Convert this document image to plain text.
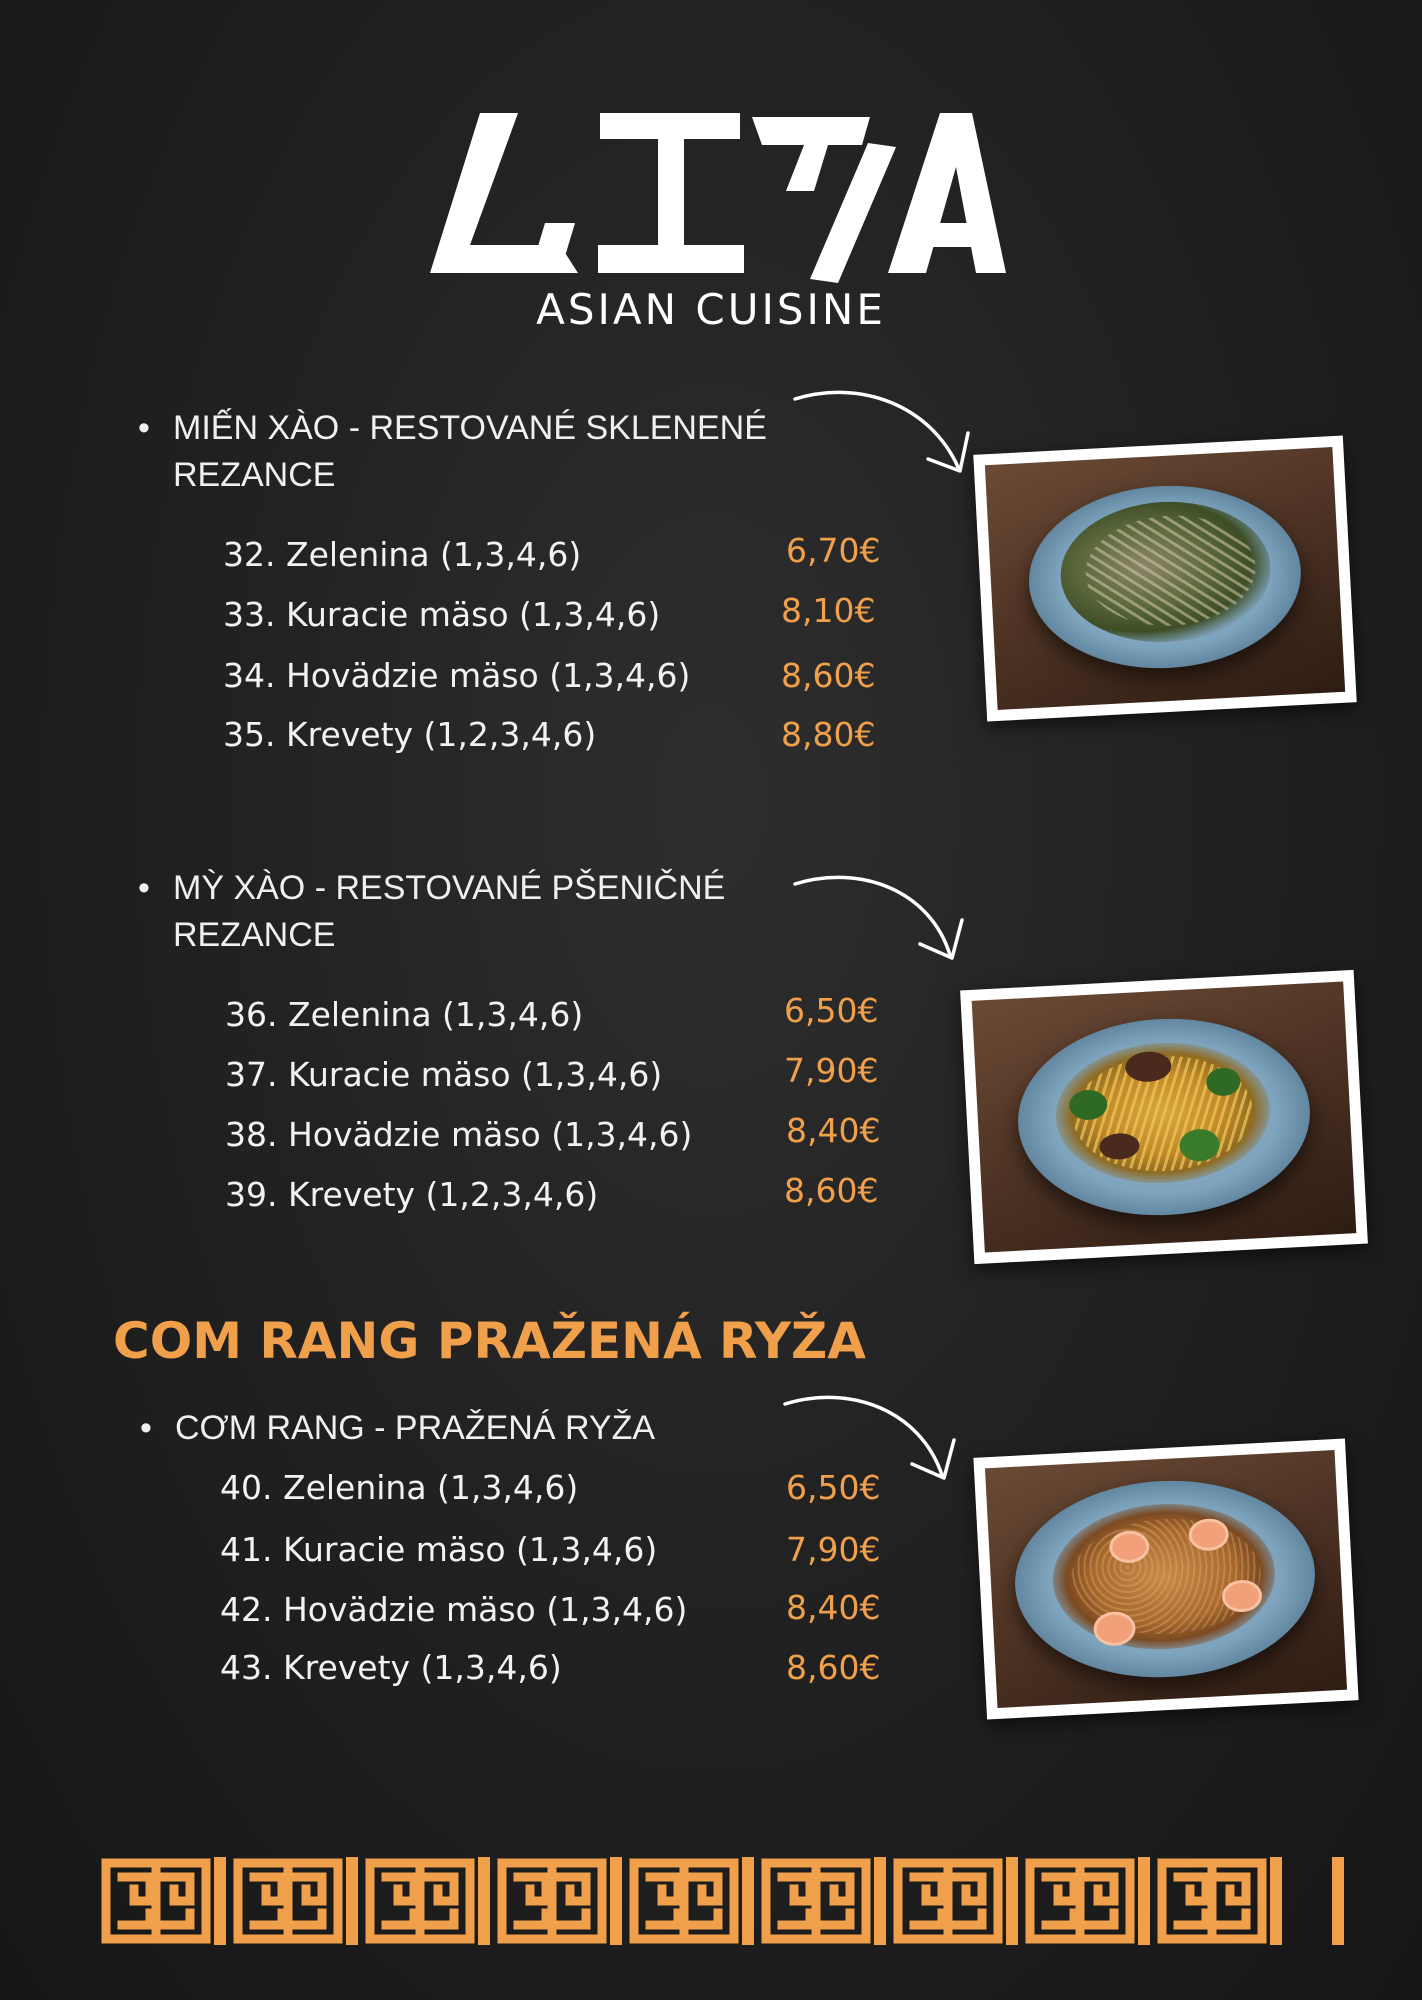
ASIAN CUISINE
• MIẾN XÀO - RESTOVANÉ SKLENENÉ
REZANCE
32. Zelenina (1,3,4,6)	6,70€
33. Kuracie mäso (1,3,4,6)	8,10€
34. Hovädzie mäso (1,3,4,6)	8,60€
35. Krevety (1,2,3,4,6)	8,80€
• MỲ XÀO - RESTOVANÉ PŠENIČNÉ
REZANCE
36. Zelenina (1,3,4,6)	6,50€
37. Kuracie mäso (1,3,4,6)	7,90€
38. Hovädzie mäso (1,3,4,6)	8,40€
39. Krevety (1,2,3,4,6)	8,60€
COM RANG PRAŽENÁ RYŽA
• CƠM RANG - PRAŽENÁ RYŽA
40. Zelenina (1,3,4,6)	6,50€
41. Kuracie mäso (1,3,4,6)	7,90€
42. Hovädzie mäso (1,3,4,6)	8,40€
43. Krevety (1,3,4,6)	8,60€
